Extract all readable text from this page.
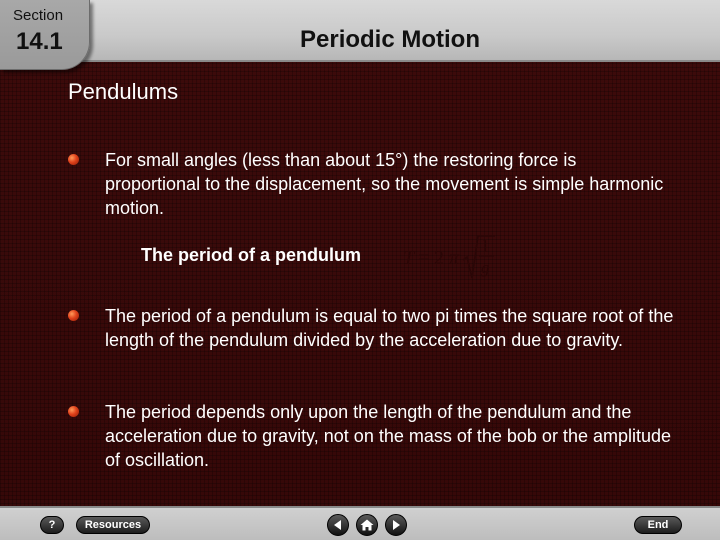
Section
14.1	Periodic Motion
Pendulums
For small angles (less than about 15°) the restoring force is proportional to the displacement, so the movement is simple harmonic motion.
The period of a pendulum T = 2 π
l
g
The period of a pendulum is equal to two pi times the square root of the length of the pendulum divided by the acceleration due to gravity.
The period depends only upon the length of the pendulum and the acceleration due to gravity, not on the mass of the bob or the amplitude of oscillation.
?	Resources	End
